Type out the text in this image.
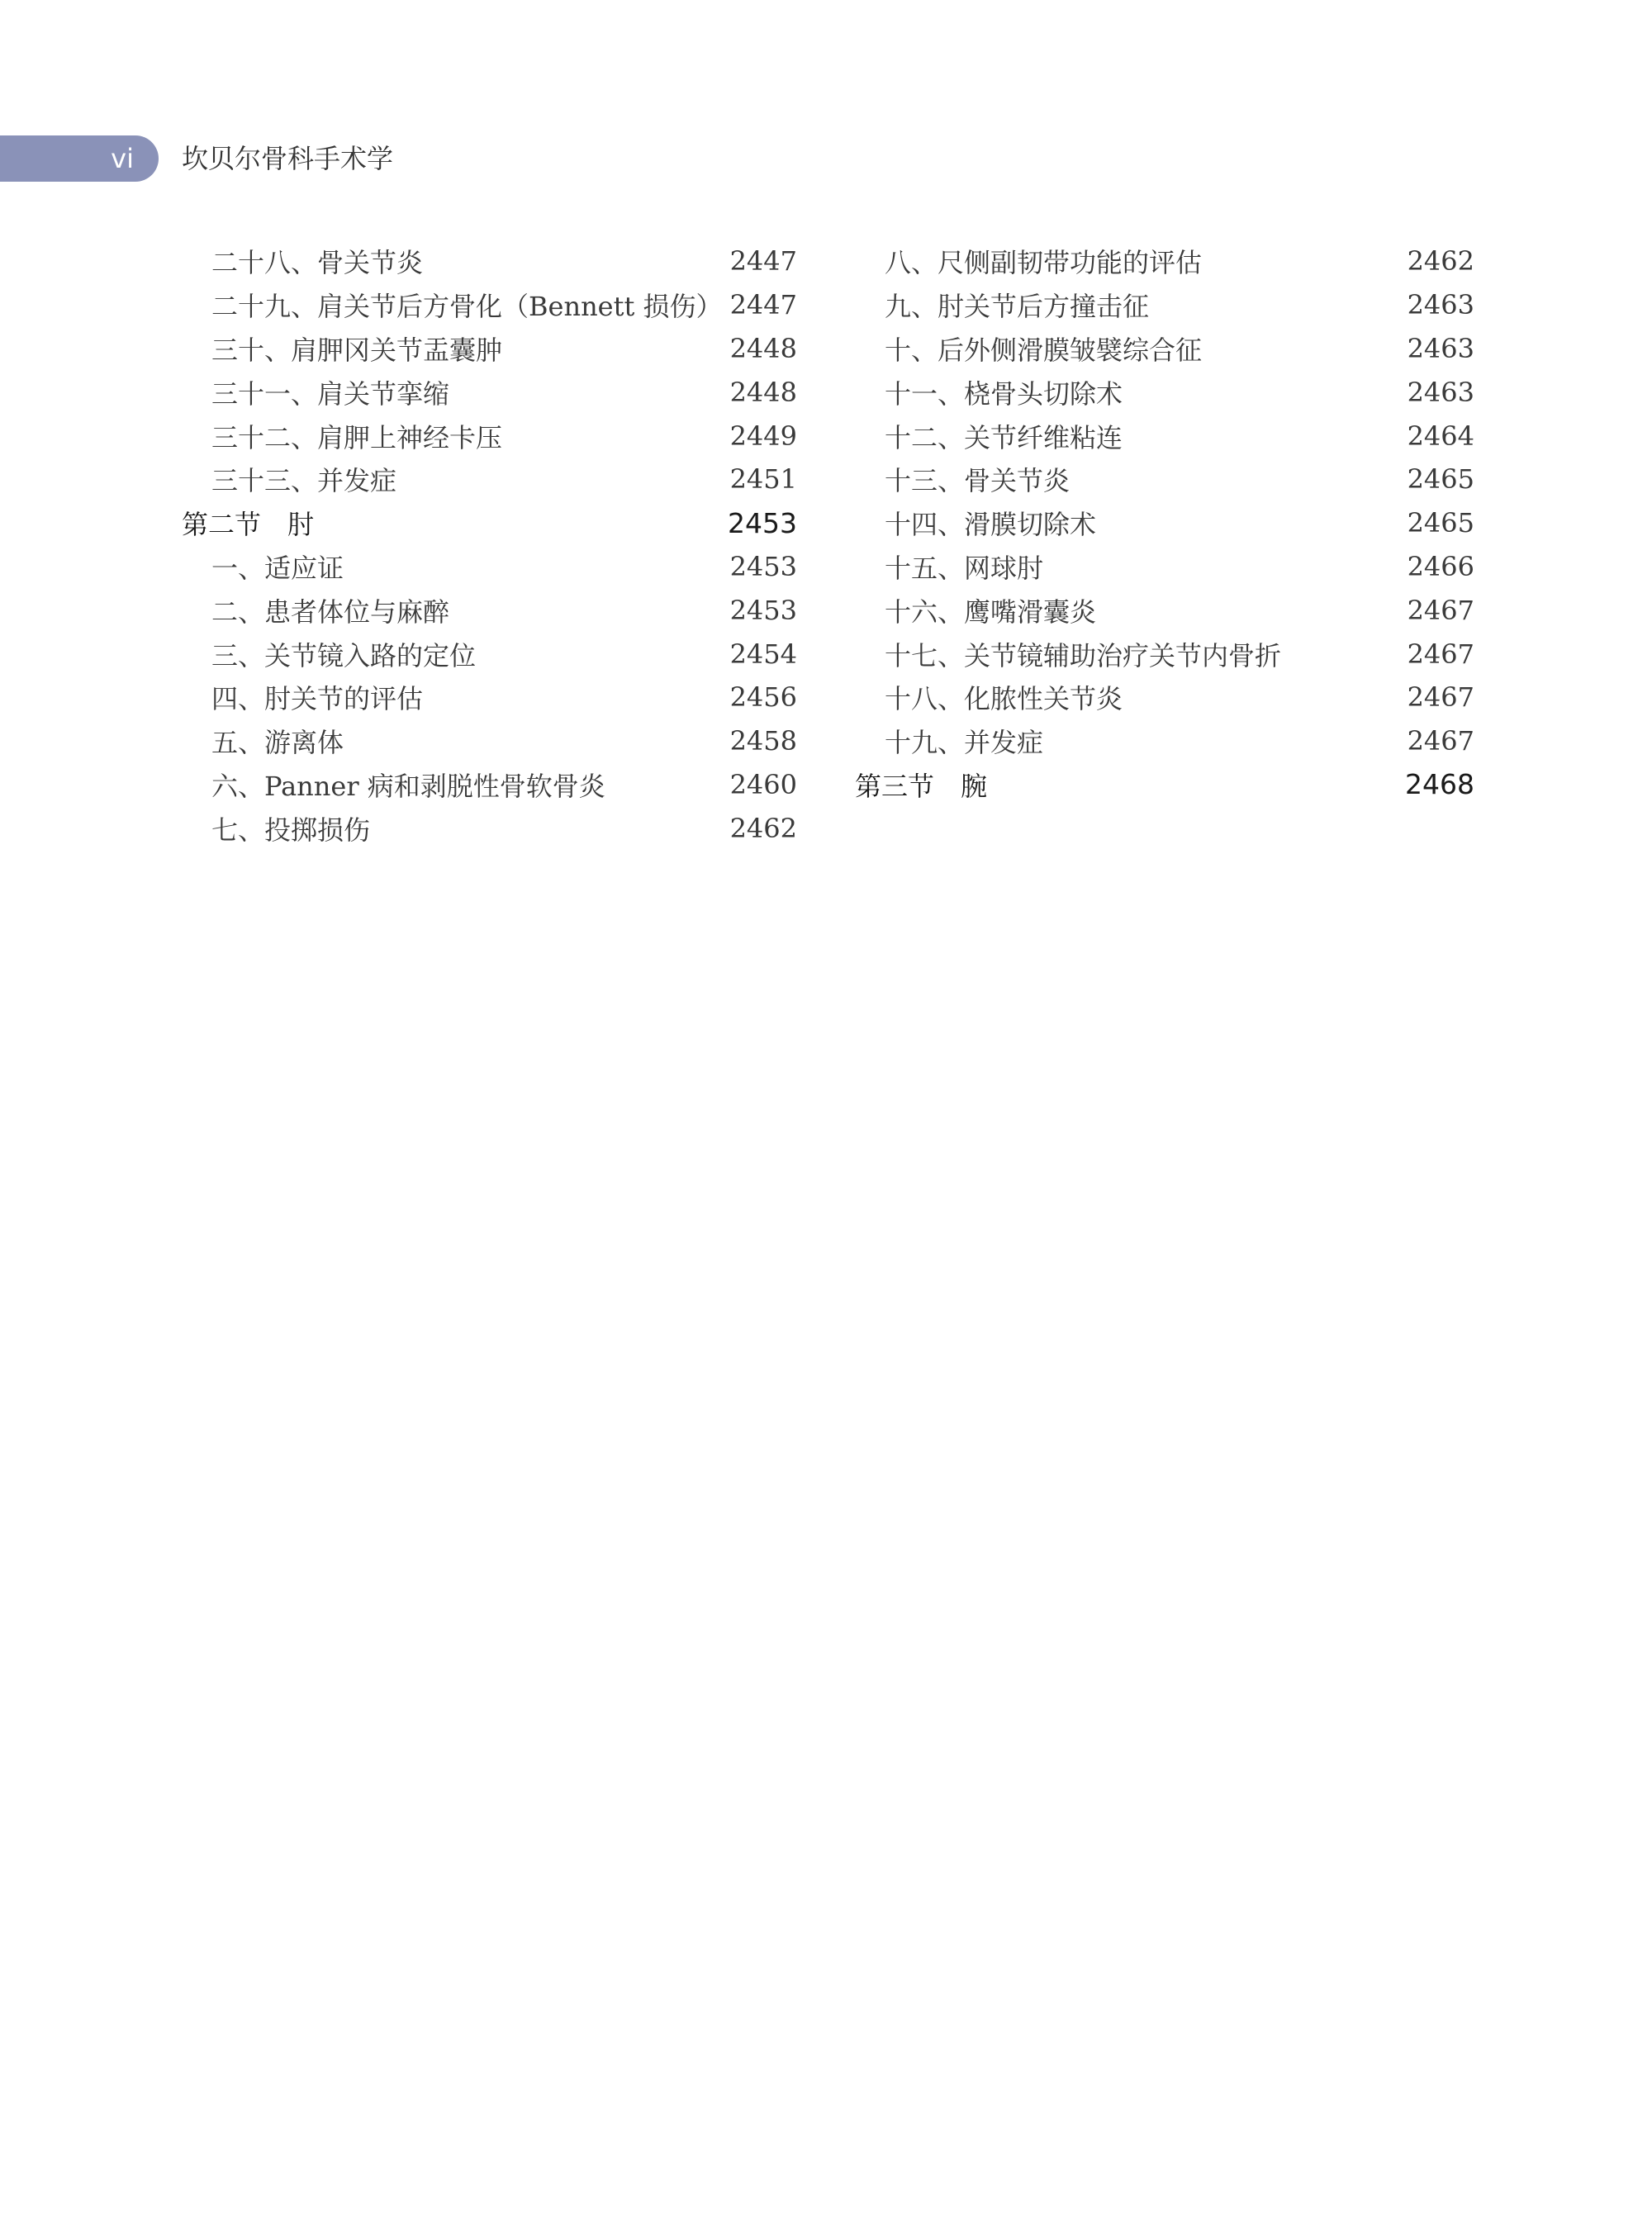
vi 坎贝尔骨科手术学
二十八、骨关节炎	2447
二十九、肩关节后方骨化（Bennett 损伤） 2447
三十、肩胛冈关节盂囊肿	2448
三十一、肩关节挛缩	2448
三十二、肩胛上神经卡压	2449
三十三、并发症	2451
第二节　肘	2453
一、适应证	2453
二、患者体位与麻醉	2453
三、关节镜入路的定位	2454
四、肘关节的评估	2456
五、游离体	2458
六、Panner 病和剥脱性骨软骨炎	2460
七、投掷损伤	2462
八、尺侧副韧带功能的评估	2462
九、肘关节后方撞击征	2463
十、后外侧滑膜皱襞综合征	2463
十一、桡骨头切除术	2463
十二、关节纤维粘连	2464
十三、骨关节炎	2465
十四、滑膜切除术	2465
十五、网球肘	2466
十六、鹰嘴滑囊炎	2467
十七、关节镜辅助治疗关节内骨折	2467
十八、化脓性关节炎	2467
十九、并发症	2467
第三节　腕	2468
